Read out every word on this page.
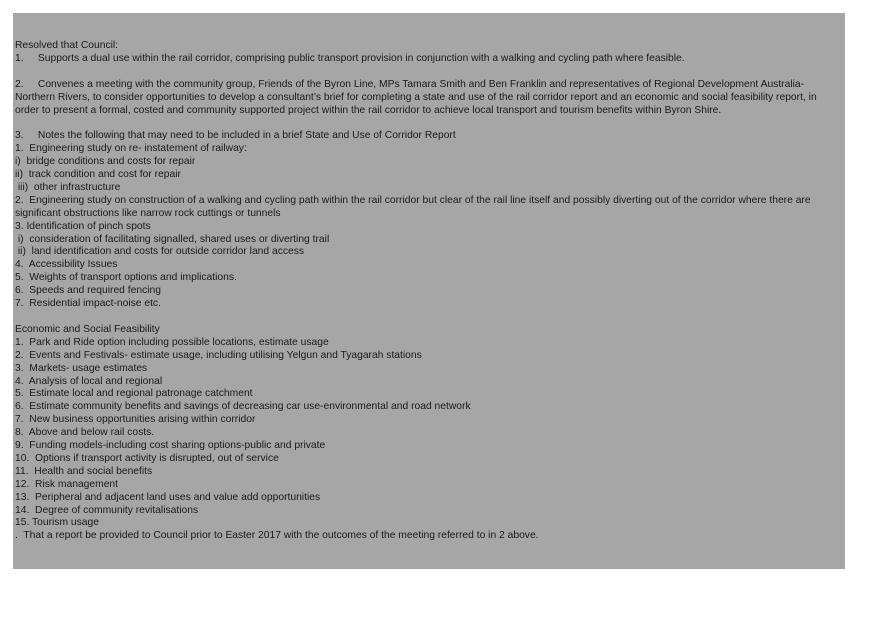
Resolved that Council:

1.     Supports a dual use within the rail corridor, comprising public transport provision in conjunction with a walking and cycling path where feasible.

2.     Convenes a meeting with the community group, Friends of the Byron Line, MPs Tamara Smith and Ben Franklin and representatives of Regional Development Australia- Northern Rivers, to consider opportunities to develop a consultant’s brief for completing a state and use of the rail corridor report and an economic and social feasibility report, in order to present a formal, costed and community supported project within the rail corridor to achieve local transport and tourism benefits within Byron Shire.

3.     Notes the following that may need to be included in a brief State and Use of Corridor Report

1.  Engineering study on re- instatement of railway:

i)  bridge conditions and costs for repair

ii)  track condition and cost for repair

iii)  other infrastructure

2.  Engineering study on construction of a walking and cycling path within the rail corridor but clear of the rail line itself and possibly diverting out of the corridor where there are significant obstructions like narrow rock cuttings or tunnels

3. Identification of pinch spots

i)  consideration of facilitating signalled, shared uses or diverting trail

ii)  land identification and costs for outside corridor land access

4.  Accessibility Issues

5.  Weights of transport options and implications.

6.  Speeds and required fencing

7.  Residential impact-noise etc.

Economic and Social Feasibility

1.  Park and Ride option including possible locations, estimate usage

2.  Events and Festivals- estimate usage, including utilising Yelgun and Tyagarah stations

3.  Markets- usage estimates

4.  Analysis of local and regional

5.  Estimate local and regional patronage catchment

6.  Estimate community benefits and savings of decreasing car use-environmental and road network

7.  New business opportunities arising within corridor

8.  Above and below rail costs.

9.  Funding models-including cost sharing options-public and private

10.  Options if transport activity is disrupted, out of service

11.  Health and social benefits

12.  Risk management

13.  Peripheral and adjacent land uses and value add opportunities

14.  Degree of community revitalisations

15. Tourism usage

.  That a report be provided to Council prior to Easter 2017 with the outcomes of the meeting referred to in 2 above.
